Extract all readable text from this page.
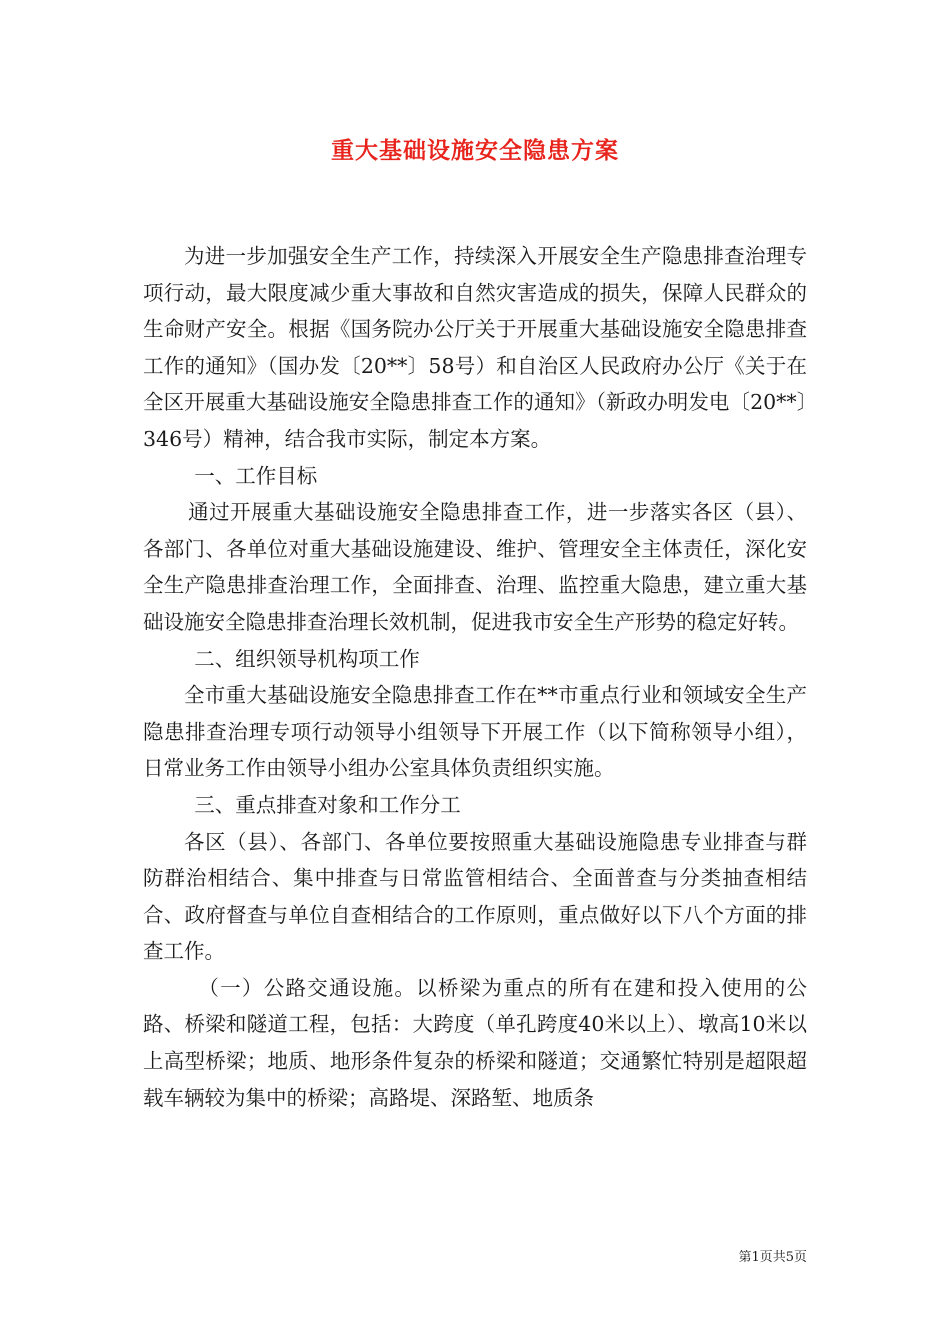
重大基础设施安全隐患方案

为进一步加强安全生产工作，持续深入开展安全生产隐患排查治理专项行动，最大限度减少重大事故和自然灾害造成的损失，保障人民群众的生命财产安全。根据《国务院办公厅关于开展重大基础设施安全隐患排查工作的通知》（国办发〔20**〕58号）和自治区人民政府办公厅《关于在全区开展重大基础设施安全隐患排查工作的通知》（新政办明发电〔20**〕346号）精神，结合我市实际，制定本方案。

一、工作目标

通过开展重大基础设施安全隐患排查工作，进一步落实各区（县）、各部门、各单位对重大基础设施建设、维护、管理安全主体责任，深化安全生产隐患排查治理工作，全面排查、治理、监控重大隐患，建立重大基础设施安全隐患排查治理长效机制，促进我市安全生产形势的稳定好转。

二、组织领导机构项工作

全市重大基础设施安全隐患排查工作在**市重点行业和领域安全生产隐患排查治理专项行动领导小组领导下开展工作（以下简称领导小组），日常业务工作由领导小组办公室具体负责组织实施。

三、重点排查对象和工作分工

各区（县）、各部门、各单位要按照重大基础设施隐患专业排查与群防群治相结合、集中排查与日常监管相结合、全面普查与分类抽查相结合、政府督查与单位自查相结合的工作原则，重点做好以下八个方面的排查工作。

（一）公路交通设施。以桥梁为重点的所有在建和投入使用的公路、桥梁和隧道工程，包括：大跨度（单孔跨度40米以上）、墩高10米以上高型桥梁；地质、地形条件复杂的桥梁和隧道；交通繁忙特别是超限超载车辆较为集中的桥梁；高路堤、深路堑、地质条

第1页共5页
